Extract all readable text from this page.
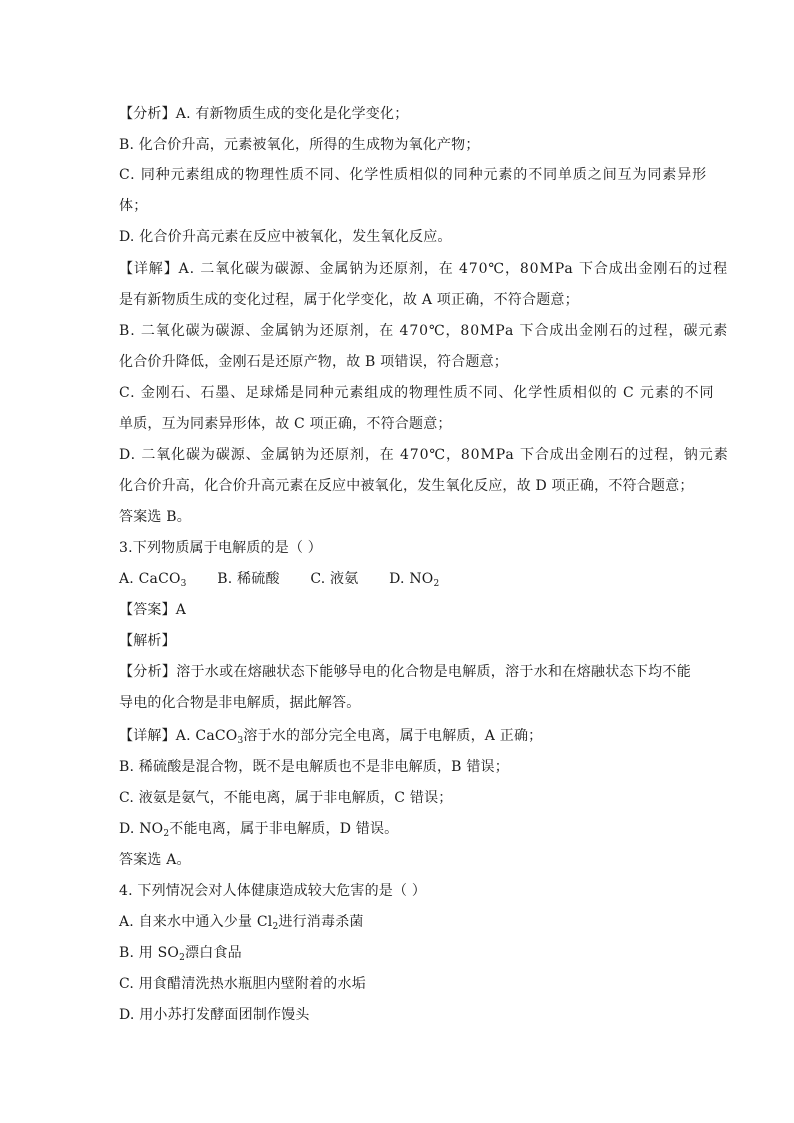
【分析】A. 有新物质生成的变化是化学变化；
B. 化合价升高，元素被氧化，所得的生成物为氧化产物；
C. 同种元素组成的物理性质不同、化学性质相似的同种元素的不同单质之间互为同素异形
体；
D. 化合价升高元素在反应中被氧化，发生氧化反应。
【详解】A. 二氧化碳为碳源、金属钠为还原剂，在 470℃，80MPa 下合成出金刚石的过程
是有新物质生成的变化过程，属于化学变化，故 A 项正确，不符合题意；
B. 二氧化碳为碳源、金属钠为还原剂，在 470℃，80MPa 下合成出金刚石的过程，碳元素
化合价升降低，金刚石是还原产物，故 B 项错误，符合题意；
C. 金刚石、石墨、足球烯是同种元素组成的物理性质不同、化学性质相似的 C 元素的不同
单质，互为同素异形体，故 C 项正确，不符合题意；
D. 二氧化碳为碳源、金属钠为还原剂，在 470℃，80MPa 下合成出金刚石的过程，钠元素
化合价升高，化合价升高元素在反应中被氧化，发生氧化反应，故 D 项正确，不符合题意；
答案选 B。
3.下列物质属于电解质的是（ ）
A. CaCO$_3$ B. 稀硫酸 C. 液氨 D. $NO_2$
【答案】A
【解析】
【分析】溶于水或在熔融状态下能够导电的化合物是电解质，溶于水和在熔融状态下均不能
导电的化合物是非电解质，据此解答。
【详解】A. CaCO$_3$溶于水的部分完全电离，属于电解质，A 正确；
B. 稀硫酸是混合物，既不是电解质也不是非电解质，B 错误；
C. 液氨是氨气，不能电离，属于非电解质，C 错误；
D. $NO_2$不能电离，属于非电解质，D 错误。
答案选 A。
4. 下列情况会对人体健康造成较大危害的是（ ）
A. 自来水中通入少量 $Cl_2$进行消毒杀菌
B. 用 $SO_2$漂白食品
C. 用食醋清洗热水瓶胆内壁附着的水垢
D. 用小苏打发酵面团制作馒头
